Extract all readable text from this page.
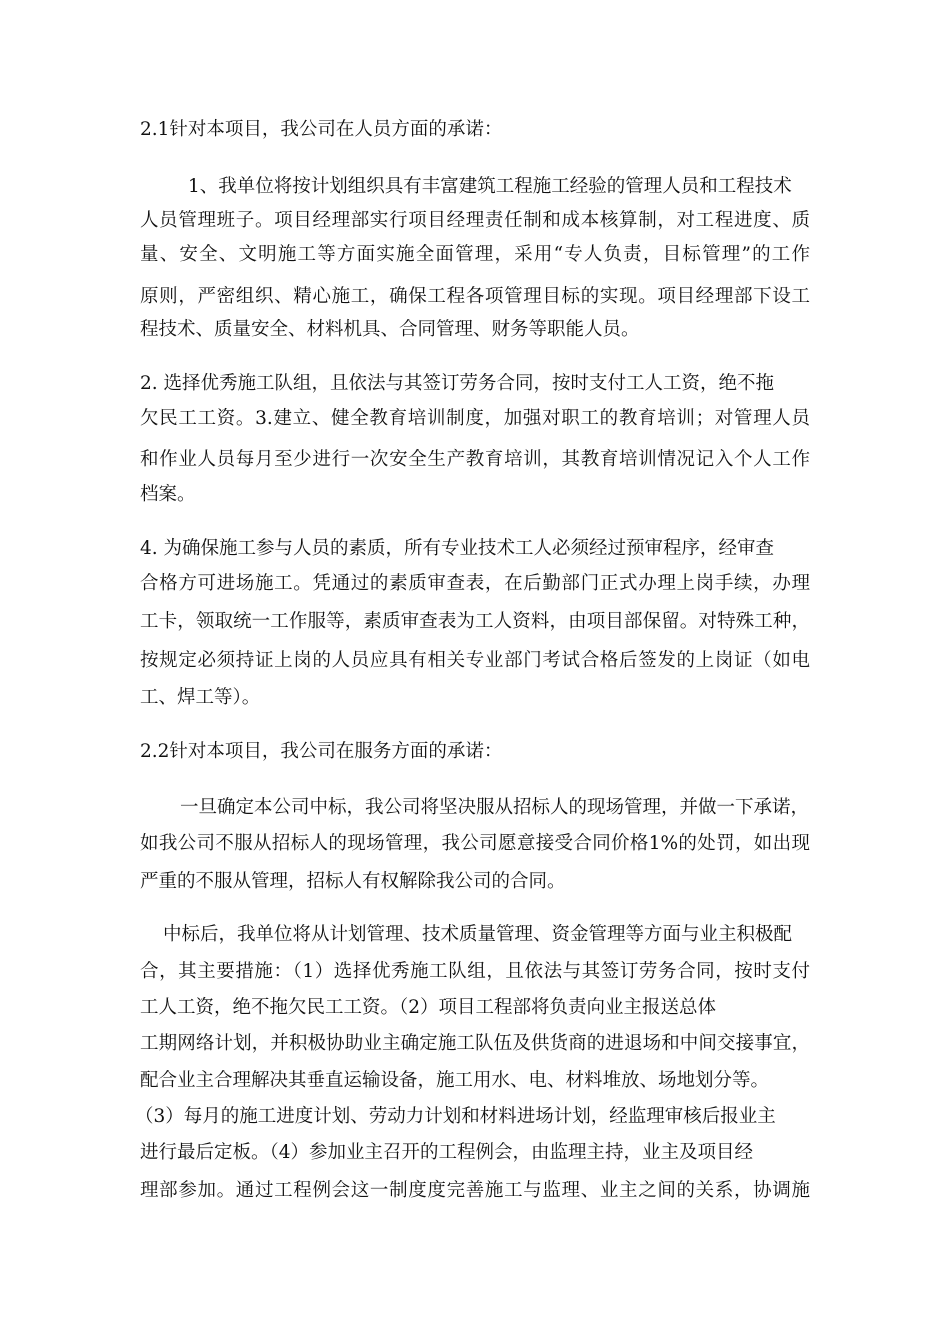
2.1针对本项目，我公司在人员方面的承诺：
1、我单位将按计划组织具有丰富建筑工程施工经验的管理人员和工程技术
人员管理班子。项目经理部实行项目经理责任制和成本核算制，对工程进度、质
量、安全、文明施工等方面实施全面管理，采用“专人负责，目标管理”的工作
原则，严密组织、精心施工，确保工程各项管理目标的实现。项目经理部下设工
程技术、质量安全、材料机具、合同管理、财务等职能人员。
2. 选择优秀施工队组，且依法与其签订劳务合同，按时支付工人工资，绝不拖
欠民工工资。3.建立、健全教育培训制度，加强对职工的教育培训；对管理人员
和作业人员每月至少进行一次安全生产教育培训，其教育培训情况记入个人工作
档案。
4. 为确保施工参与人员的素质，所有专业技术工人必须经过预审程序，经审查
合格方可进场施工。凭通过的素质审查表，在后勤部门正式办理上岗手续，办理
工卡，领取统一工作服等，素质审查表为工人资料，由项目部保留。对特殊工种，
按规定必须持证上岗的人员应具有相关专业部门考试合格后签发的上岗证（如电
工、焊工等）。
2.2针对本项目，我公司在服务方面的承诺：
一旦确定本公司中标，我公司将坚决服从招标人的现场管理，并做一下承诺，
如我公司不服从招标人的现场管理，我公司愿意接受合同价格1%的处罚，如出现
严重的不服从管理，招标人有权解除我公司的合同。
中标后，我单位将从计划管理、技术质量管理、资金管理等方面与业主积极配
合，其主要措施：（1）选择优秀施工队组，且依法与其签订劳务合同，按时支付
工人工资，绝不拖欠民工工资。（2）项目工程部将负责向业主报送总体
工期网络计划，并积极协助业主确定施工队伍及供货商的进退场和中间交接事宜，
配合业主合理解决其垂直运输设备，施工用水、电、材料堆放、场地划分等。
（3）每月的施工进度计划、劳动力计划和材料进场计划，经监理审核后报业主
进行最后定板。（4）参加业主召开的工程例会，由监理主持，业主及项目经
理部参加。通过工程例会这一制度度完善施工与监理、业主之间的关系，协调施
